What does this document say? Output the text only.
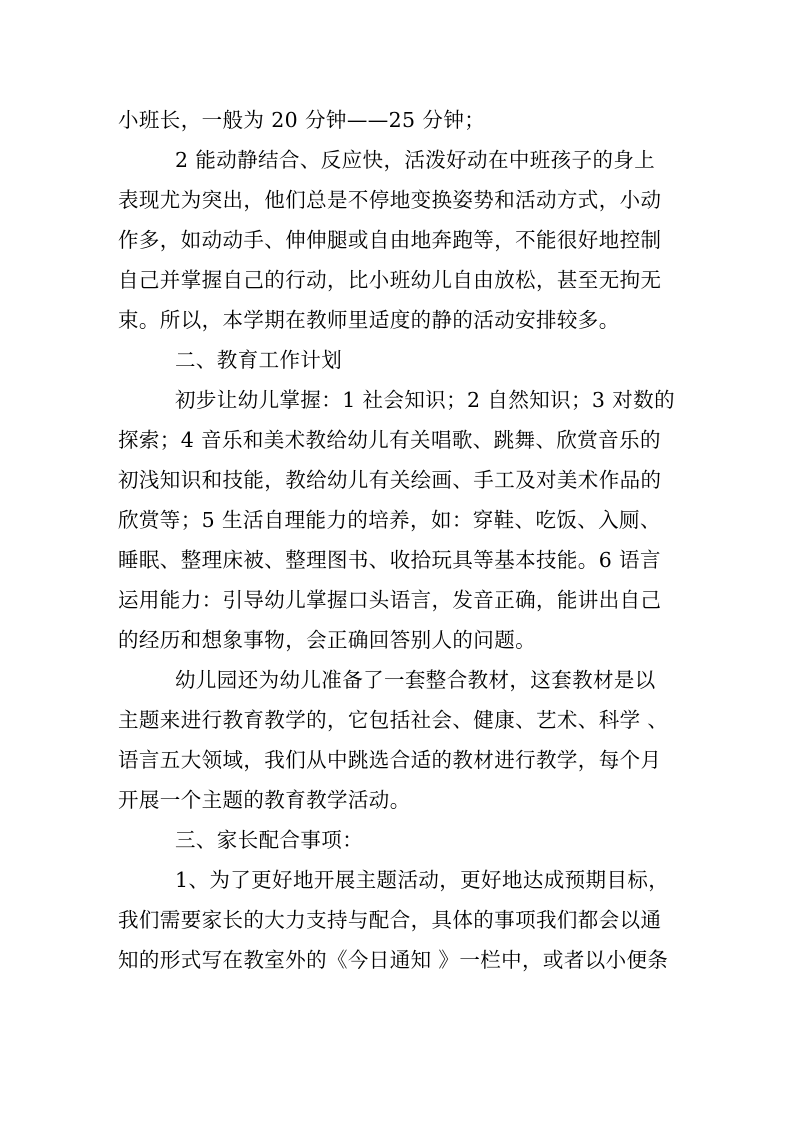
小班长，一般为 20 分钟——25 分钟；
2 能动静结合、反应快，活泼好动在中班孩子的身上
表现尤为突出，他们总是不停地变换姿势和活动方式，小动
作多，如动动手、伸伸腿或自由地奔跑等，不能很好地控制
自己并掌握自己的行动，比小班幼儿自由放松，甚至无拘无
束。所以，本学期在教师里适度的静的活动安排较多。
二、教育工作计划
初步让幼儿掌握：1 社会知识；2 自然知识；3 对数的
探索；4 音乐和美术教给幼儿有关唱歌、跳舞、欣赏音乐的
初浅知识和技能，教给幼儿有关绘画、手工及对美术作品的
欣赏等；5 生活自理能力的培养，如：穿鞋、吃饭、入厕、
睡眠、整理床被、整理图书、收拾玩具等基本技能。6 语言
运用能力：引导幼儿掌握口头语言，发音正确，能讲出自己
的经历和想象事物，会正确回答别人的问题。
幼儿园还为幼儿准备了一套整合教材，这套教材是以
主题来进行教育教学的，它包括社会、健康、艺术、科学 、
语言五大领域，我们从中跳选合适的教材进行教学，每个月
开展一个主题的教育教学活动。
三、家长配合事项：
1、为了更好地开展主题活动，更好地达成预期目标，
我们需要家长的大力支持与配合，具体的事项我们都会以通
知的形式写在教室外的《今日通知 》一栏中，或者以小便条
